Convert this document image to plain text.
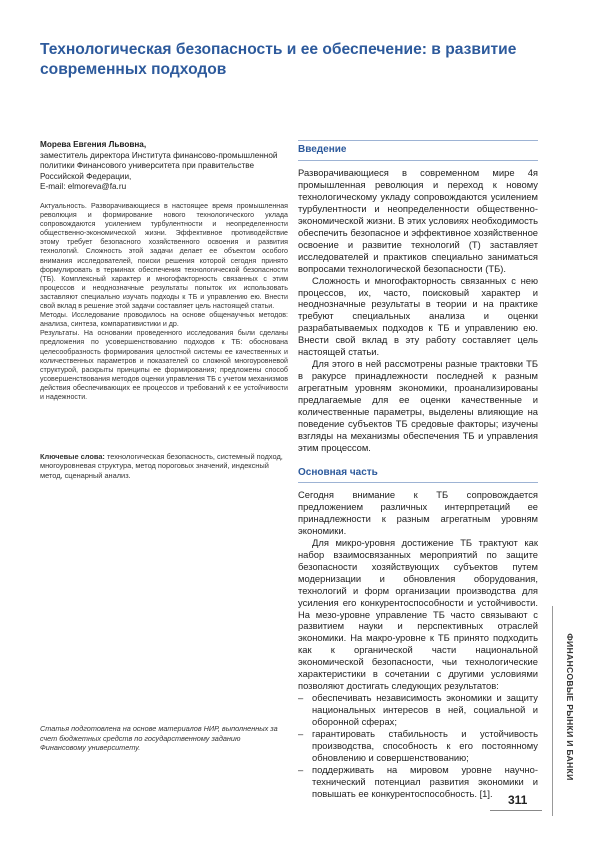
Технологическая безопасность и ее обеспечение: в развитие современных подходов
Морева Евгения Львовна,
заместитель директора Института финансово-промышленной политики Финансового университета при правительстве Российской Федерации,
E-mail: elmoreva@fa.ru

Актуальность. Разворачивающиеся в настоящее время промышленная революция и формирование нового технологического уклада сопровождаются усилением турбулентности и неопределенности общественно-экономической жизни. Эффективное противодействие этому требует безопасного хозяйственного освоения и развития технологий. Сложность этой задачи делает ее объектом особого внимания исследователей, поиски решения которой сегодня принято формулировать в терминах обеспечения технологической безопасности (ТБ). Комплексный характер и многофакторность связанных с этим процессов и неоднозначные результаты попыток их использовать заставляют специально изучать подходы к ТБ и управлению ею. Внести свой вклад в решение этой задачи составляет цель настоящей статьи.

Методы. Исследование проводилось на основе общенаучных методов: анализа, синтеза, компаративистики и др.

Результаты. На основании проведенного исследования были сделаны предложения по усовершенствованию подходов к ТБ: обоснована целесообразность формирования целостной системы ее качественных и количественных параметров и показателей со сложной многоуровневой структурой, раскрыты принципы ее формирования; предложены способ усовершенствования методов оценки управления ТБ с учетом механизмов действия обеспечивающих ее процессов и требований к ее устойчивости и надежности.

Ключевые слова: технологическая безопасность, системный подход, многоуровневая структура, метод пороговых значений, индексный метод, сценарный анализ.
Статья подготовлена на основе материалов НИР, выполненных за счет бюджетных средств по государственному заданию Финансовому университету.
Введение

Разворачивающиеся в современном мире 4я промышленная революция и переход к новому технологическому укладу сопровождаются усилением турбулентности и неопределенности общественно-экономической жизни. В этих условиях необходимость обеспечить безопасное и эффективное хозяйственное освоение и развитие технологий (Т) заставляет исследователей и практиков специально заниматься вопросами технологической безопасности (ТБ).

Сложность и многофакторность связанных с нею процессов, их, часто, поисковый характер и неоднозначные результаты в теории и на практике требуют специальных анализа и оценки разрабатываемых подходов к ТБ и управлению ею. Внести свой вклад в эту работу составляет цель настоящей статьи.

Для этого в ней рассмотрены разные трактовки ТБ в ракурсе принадлежности последней к разным агрегатным уровням экономики, проанализированы предлагаемые для ее оценки качественные и количественные параметры, выделены влияющие на поведение субъектов ТБ средовые факторы; изучены взгляды на механизмы обеспечения ТБ и управления этим процессом.

Основная часть

Сегодня внимание к ТБ сопровождается предложением различных интерпретаций ее принадлежности к разным агрегатным уровням экономики.

Для микро-уровня достижение ТБ трактуют как набор взаимосвязанных мероприятий по защите безопасности хозяйствующих субъектов путем модернизации и обновления оборудования, технологий и форм организации производства для усиления его конкурентоспособности и устойчивости. На мезо-уровне управление ТБ часто связывают с развитием науки и перспективных отраслей экономики. На макро-уровне к ТБ принято подходить как к органической части национальной экономической безопасности, чьи технологические характеристики в сочетании с другими условиями позволяют достигать следующих результатов:

– обеспечивать независимость экономики и защиту национальных интересов в ней, социальной и оборонной сферах;
– гарантировать стабильность и устойчивость производства, способность к его постоянному обновлению и совершенствованию;
– поддерживать на мировом уровне научно-технический потенциал развития экономики и повышать ее конкурентоспособность. [1].
ФИНАНСОВЫЕ РЫНКИ И БАНКИ
311
